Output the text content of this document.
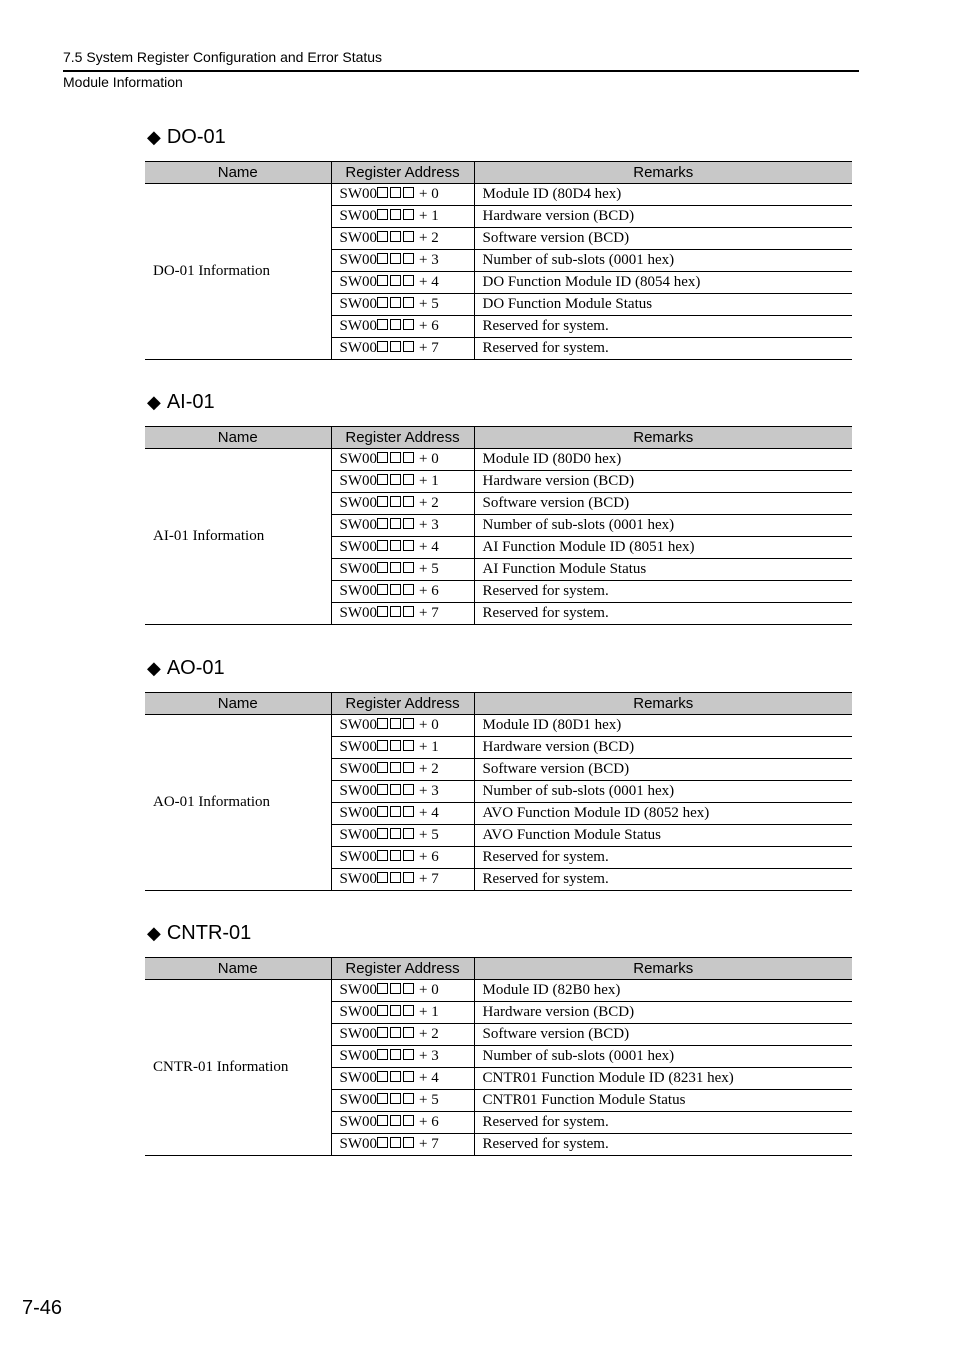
7.5 System Register Configuration and Error Status
Module Information
◆ DO-01
Name	Register Address	Remarks
DO-01 Information	SW00 + 0	Module ID (80D4 hex)
	SW00 + 1	Hardware version (BCD)
	SW00 + 2	Software version (BCD)
	SW00 + 3	Number of sub-slots (0001 hex)
	SW00 + 4	DO Function Module ID (8054 hex)
	SW00 + 5	DO Function Module Status
	SW00 + 6	Reserved for system.
	SW00 + 7	Reserved for system.
◆ AI-01
Name	Register Address	Remarks
AI-01 Information	SW00 + 0	Module ID (80D0 hex)
	SW00 + 1	Hardware version (BCD)
	SW00 + 2	Software version (BCD)
	SW00 + 3	Number of sub-slots (0001 hex)
	SW00 + 4	AI Function Module ID (8051 hex)
	SW00 + 5	AI Function Module Status
	SW00 + 6	Reserved for system.
	SW00 + 7	Reserved for system.
◆ AO-01
Name	Register Address	Remarks
AO-01 Information	SW00 + 0	Module ID (80D1 hex)
	SW00 + 1	Hardware version (BCD)
	SW00 + 2	Software version (BCD)
	SW00 + 3	Number of sub-slots (0001 hex)
	SW00 + 4	AVO Function Module ID (8052 hex)
	SW00 + 5	AVO Function Module Status
	SW00 + 6	Reserved for system.
	SW00 + 7	Reserved for system.
◆ CNTR-01
Name	Register Address	Remarks
CNTR-01 Information	SW00 + 0	Module ID (82B0 hex)
	SW00 + 1	Hardware version (BCD)
	SW00 + 2	Software version (BCD)
	SW00 + 3	Number of sub-slots (0001 hex)
	SW00 + 4	CNTR01 Function Module ID (8231 hex)
	SW00 + 5	CNTR01 Function Module Status
	SW00 + 6	Reserved for system.
	SW00 + 7	Reserved for system.
7-46
